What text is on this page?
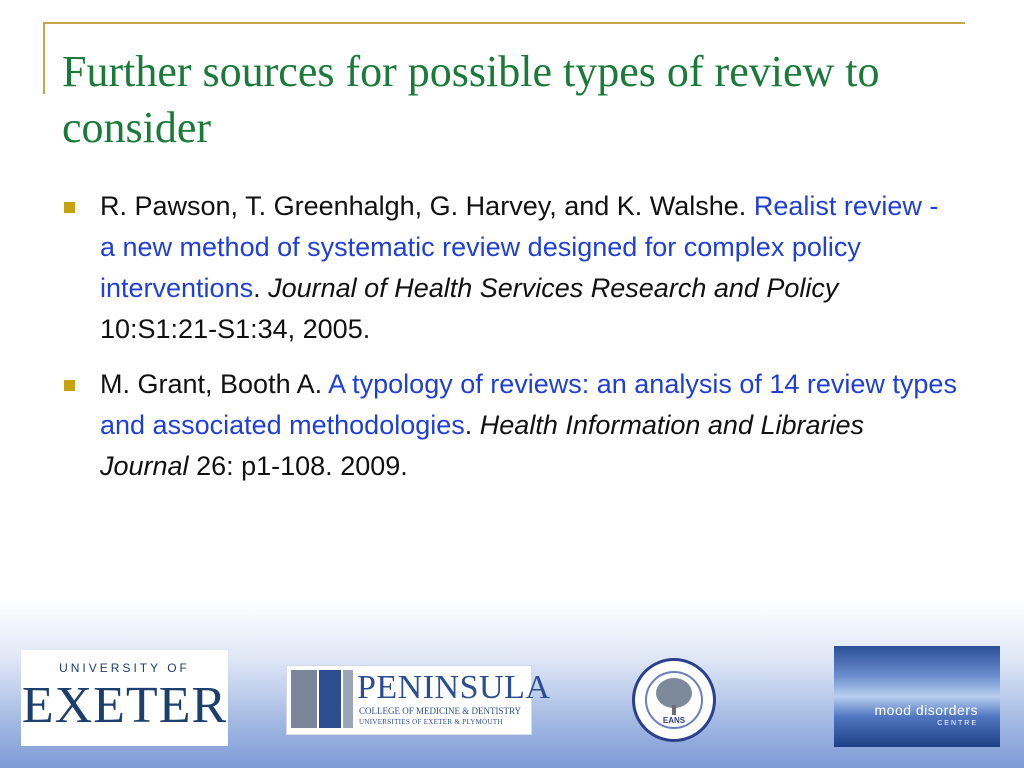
Further sources for possible types of review to consider
R. Pawson, T. Greenhalgh, G. Harvey, and K. Walshe. Realist review - a new method of systematic review designed for complex policy interventions. Journal of Health Services Research and Policy 10:S1:21-S1:34, 2005.
M. Grant, Booth A. A typology of reviews: an analysis of 14 review types and associated methodologies. Health Information and Libraries Journal 26: p1-108. 2009.
UNIVERSITY OF
EXETER	PENINSULA
COLLEGE OF MEDICINE & DENTISTRY
UNIVERSITIES OF EXETER & PLYMOUTH	EANS
mood disorders
CENTRE
